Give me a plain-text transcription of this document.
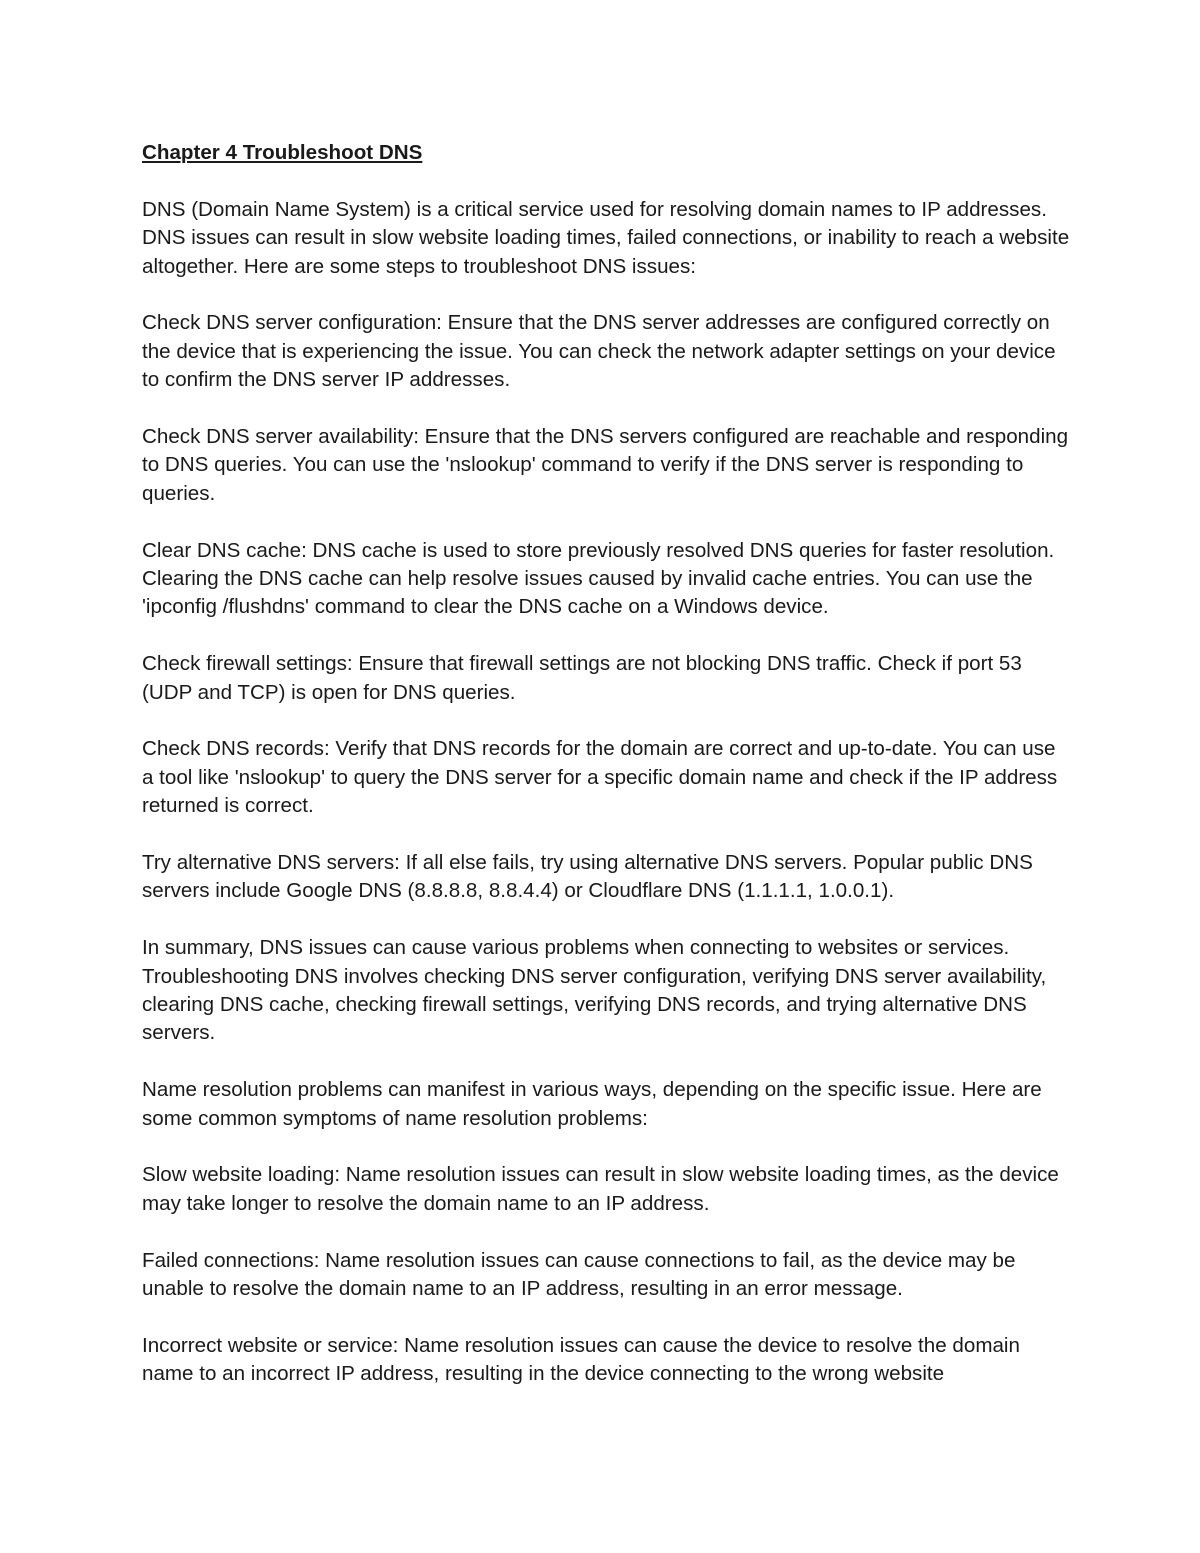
Chapter 4 Troubleshoot DNS

DNS (Domain Name System) is a critical service used for resolving domain names to IP addresses. DNS issues can result in slow website loading times, failed connections, or inability to reach a website altogether. Here are some steps to troubleshoot DNS issues:

Check DNS server configuration: Ensure that the DNS server addresses are configured correctly on the device that is experiencing the issue. You can check the network adapter settings on your device to confirm the DNS server IP addresses.

Check DNS server availability: Ensure that the DNS servers configured are reachable and responding to DNS queries. You can use the 'nslookup' command to verify if the DNS server is responding to queries.

Clear DNS cache: DNS cache is used to store previously resolved DNS queries for faster resolution. Clearing the DNS cache can help resolve issues caused by invalid cache entries. You can use the 'ipconfig /flushdns' command to clear the DNS cache on a Windows device.

Check firewall settings: Ensure that firewall settings are not blocking DNS traffic. Check if port 53 (UDP and TCP) is open for DNS queries.

Check DNS records: Verify that DNS records for the domain are correct and up-to-date. You can use a tool like 'nslookup' to query the DNS server for a specific domain name and check if the IP address returned is correct.

Try alternative DNS servers: If all else fails, try using alternative DNS servers. Popular public DNS servers include Google DNS (8.8.8.8, 8.8.4.4) or Cloudflare DNS (1.1.1.1, 1.0.0.1).

In summary, DNS issues can cause various problems when connecting to websites or services. Troubleshooting DNS involves checking DNS server configuration, verifying DNS server availability, clearing DNS cache, checking firewall settings, verifying DNS records, and trying alternative DNS servers.

Name resolution problems can manifest in various ways, depending on the specific issue. Here are some common symptoms of name resolution problems:

Slow website loading: Name resolution issues can result in slow website loading times, as the device may take longer to resolve the domain name to an IP address.

Failed connections: Name resolution issues can cause connections to fail, as the device may be unable to resolve the domain name to an IP address, resulting in an error message.

Incorrect website or service: Name resolution issues can cause the device to resolve the domain name to an incorrect IP address, resulting in the device connecting to the wrong website
